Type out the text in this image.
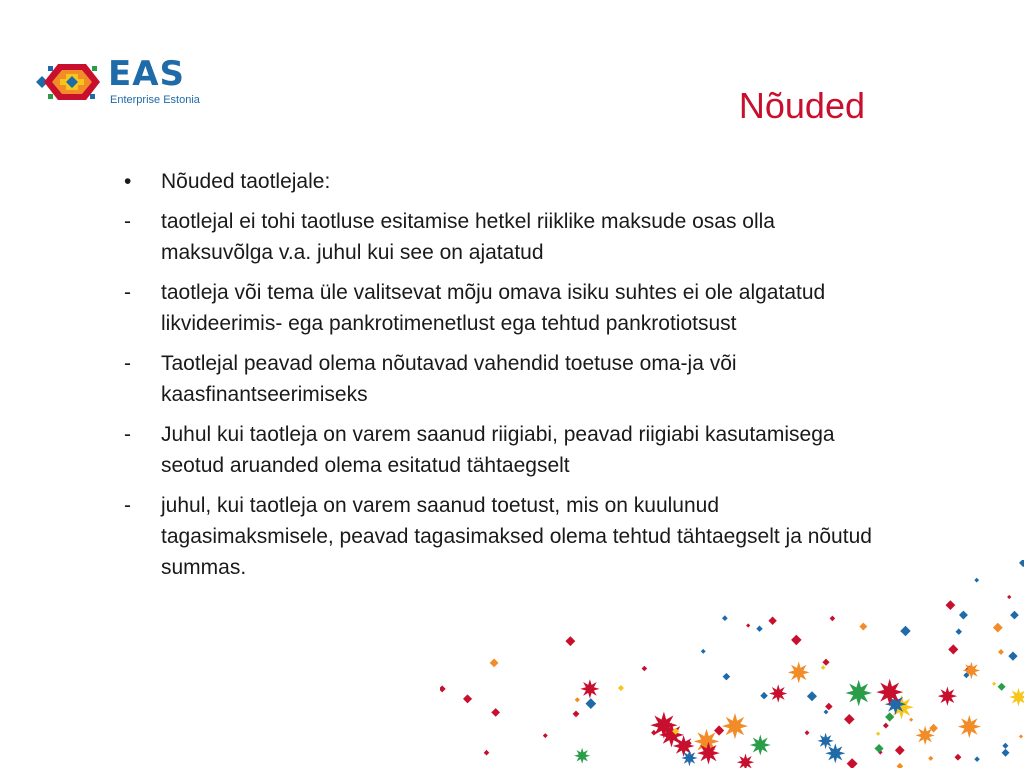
EAS
Enterprise Estonia	Nõuded
• Nõuded taotlejale:
- taotlejal ei tohi taotluse esitamise hetkel riiklike maksude osas olla maksuvõlga v.a. juhul kui see on ajatatud
- taotleja või tema üle valitsevat mõju omava isiku suhtes ei ole algatatud likvideerimis- ega pankrotimenetlust ega tehtud pankrotiotsust
- Taotlejal peavad olema nõutavad vahendid toetuse oma-ja või kaasfinantseerimiseks
- Juhul kui taotleja on varem saanud riigiabi, peavad riigiabi kasutamisega seotud aruanded olema esitatud tähtaegselt
- juhul, kui taotleja on varem saanud toetust, mis on kuulunud tagasimaksmisele, peavad tagasimaksed olema tehtud tähtaegselt ja nõutud summas.
